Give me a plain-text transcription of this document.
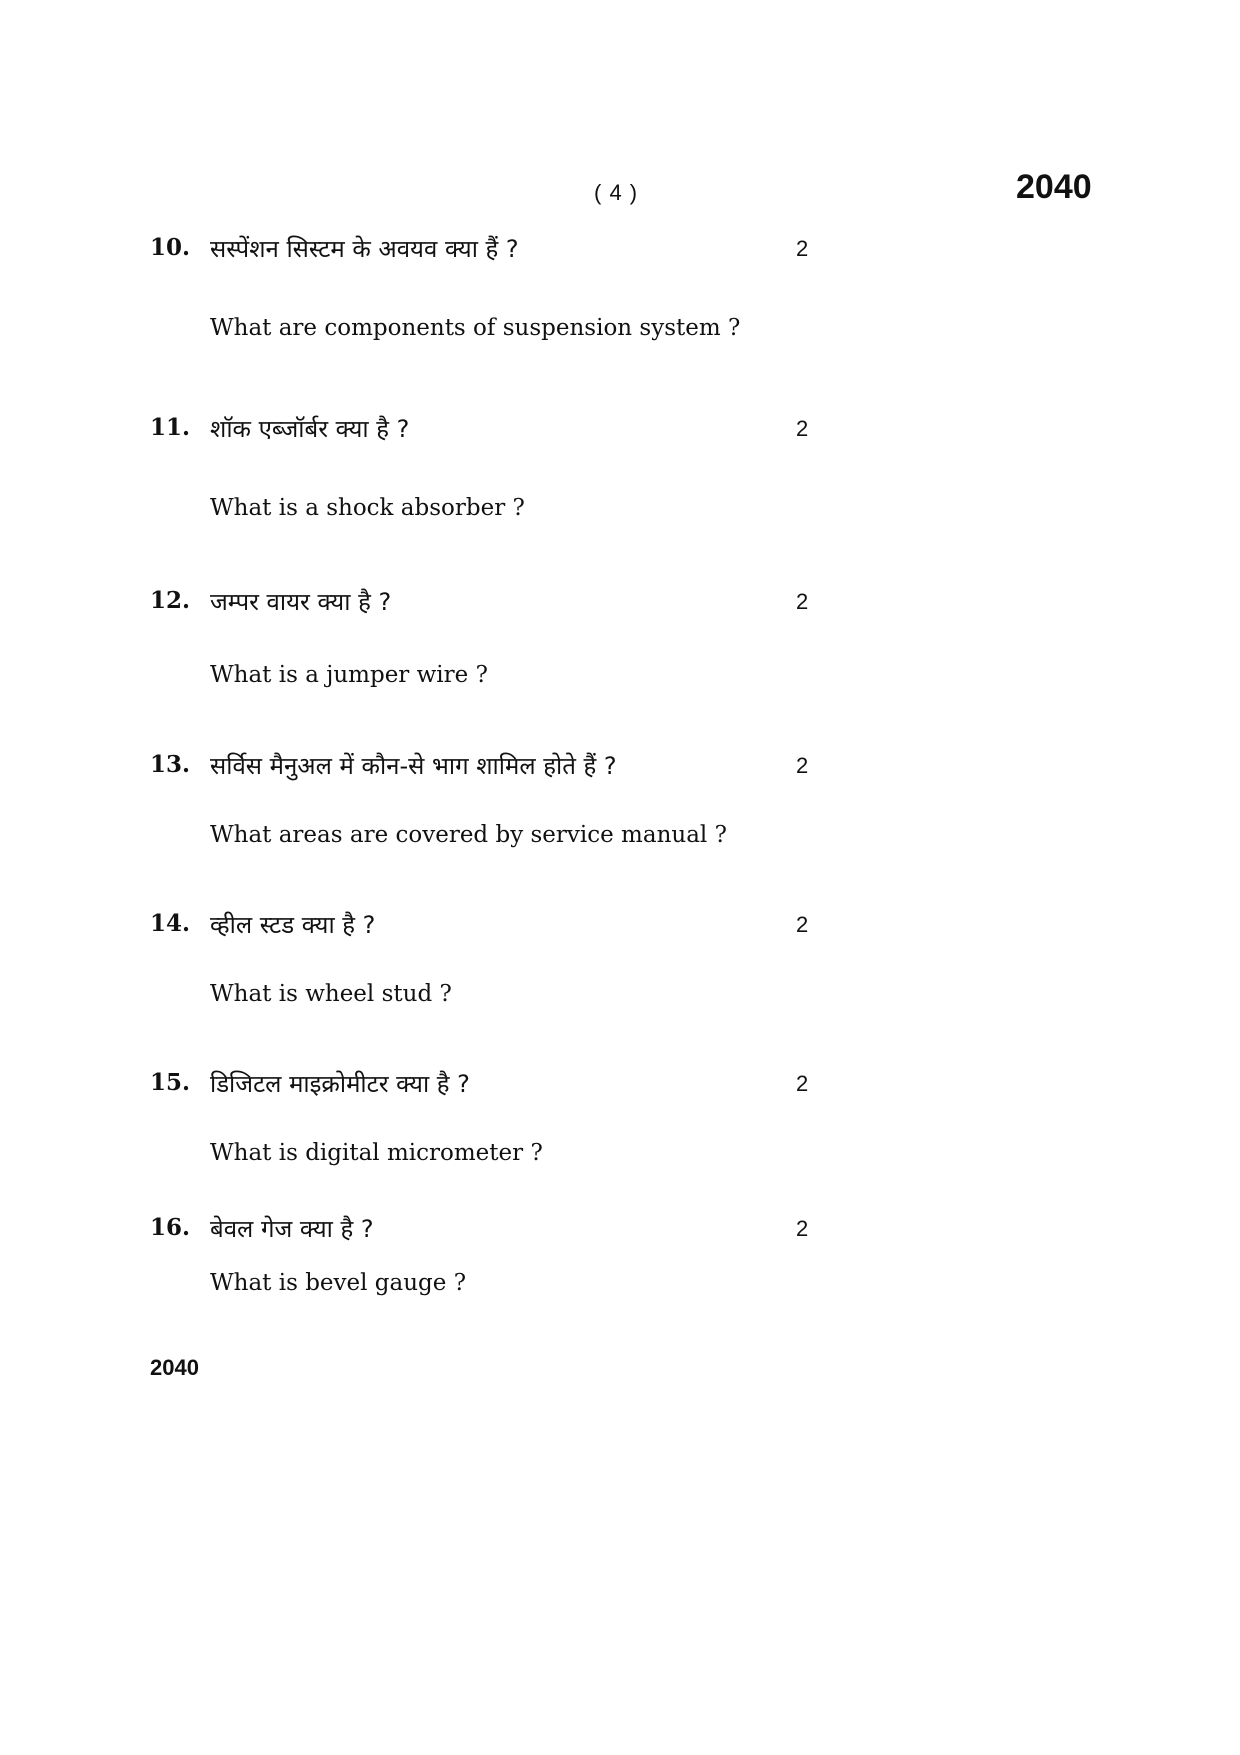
( 4 )	2040
10. सस्पेंशन सिस्टम के अवयव क्या हैं ?	2
What are components of suspension system ?
11. शॉक एब्जॉर्बर क्या है ?	2
What is a shock absorber ?
12. जम्पर वायर क्या है ?	2
What is a jumper wire ?
13. सर्विस मैनुअल में कौन-से भाग शामिल होते हैं ?	2
What areas are covered by service manual ?
14. व्हील स्टड क्या है ?	2
What is wheel stud ?
15. डिजिटल माइक्रोमीटर क्या है ?	2
What is digital micrometer ?
16. बेवल गेज क्या है ?	2
What is bevel gauge ?
2040
